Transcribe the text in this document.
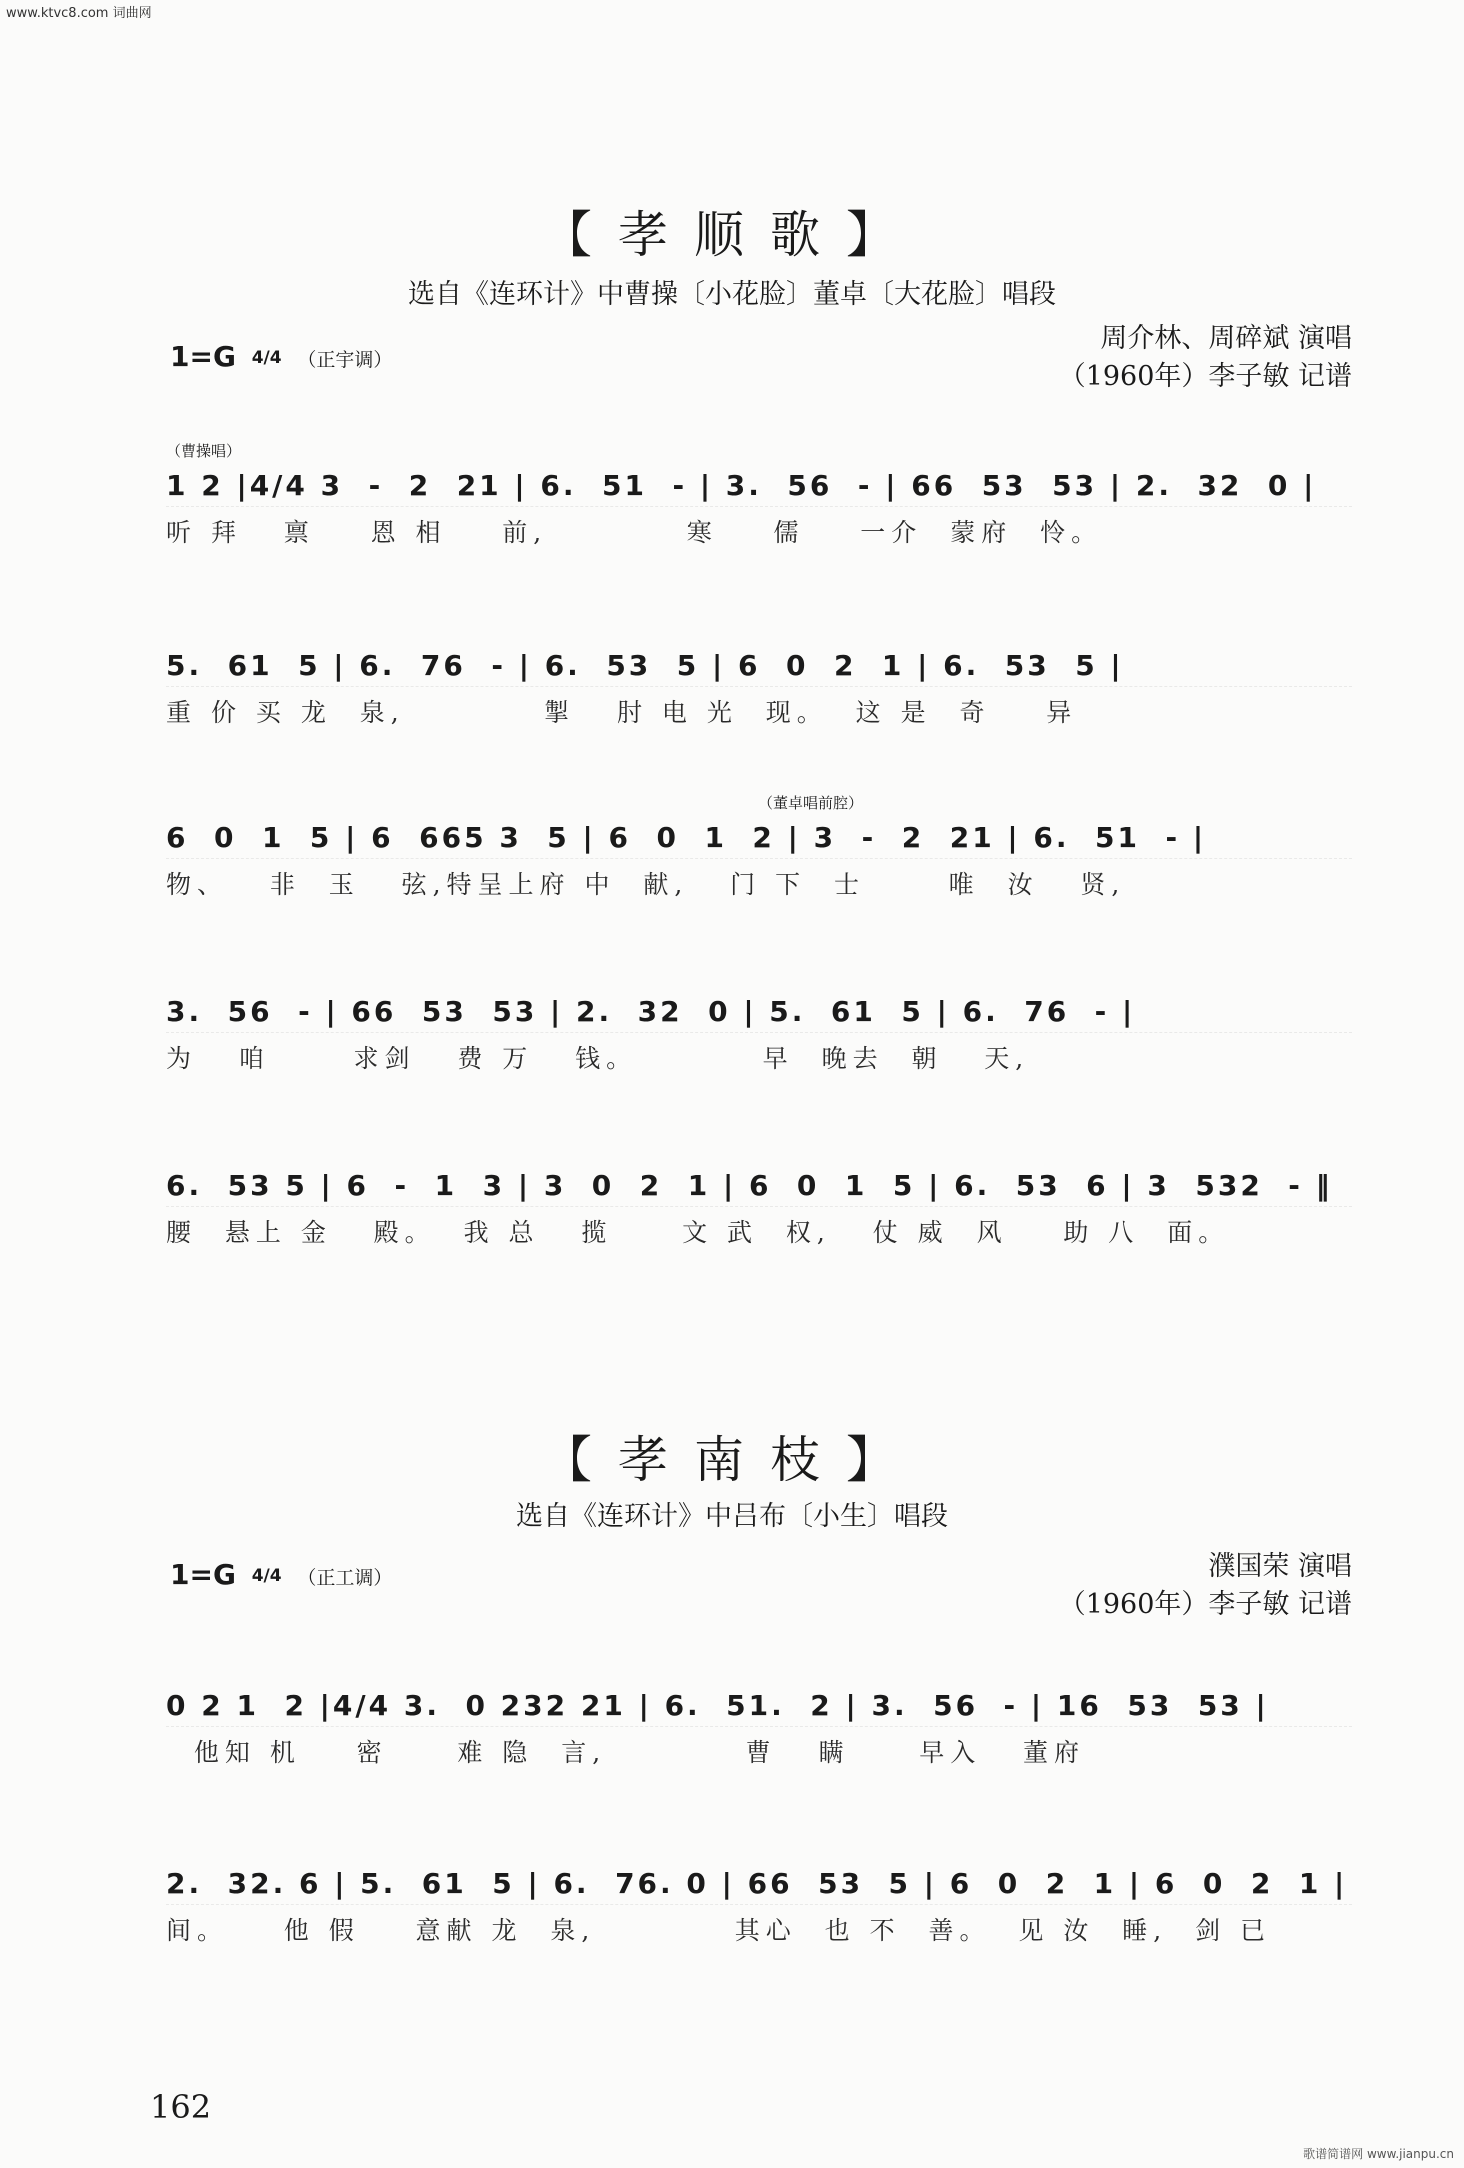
www.ktvc8.com 词曲网
【孝顺歌】
选自《连环计》中曹操〔小花脸〕董卓〔大花脸〕唱段
1=G 4/4 （正宇调）
周介林、周碎斌 演唱
（1960年）李子敏 记谱
（曹操唱）
（董卓唱前腔）
1 2 |4/4 3  -  2  21 | 6.  51  - | 3.  56  - | 66  53  53 | 2.  32  0 |
听 拜   禀    恩 相    前,          寒    儒    一介  蒙府  怜。
5.  61  5 | 6.  76  - | 6.  53  5 | 6  0  2  1 | 6.  53  5 |
重 价 买 龙  泉,          掣   肘 电 光  现。  这 是  奇    异
6  0  1  5 | 6  665 3  5 | 6  0  1  2 | 3  -  2  21 | 6.  51  - |
物、   非  玉   弦,特呈上府 中  献,   门 下  士      唯  汝   贤,
3.  56  - | 66  53  53 | 2.  32  0 | 5.  61  5 | 6.  76  - |
为   咱      求剑   费 万   钱。         早  晚去  朝   天,
6.  53 5 | 6  -  1  3 | 3  0  2  1 | 6  0  1  5 | 6.  53  6 | 3  532  - ‖
腰  悬上 金   殿。  我 总   揽     文 武  权,   仗 威  风    助 八  面。
【孝南枝】
选自《连环计》中吕布〔小生〕唱段
1=G 4/4 （正工调）	濮国荣 演唱
（1960年）李子敏 记谱
0 2 1  2 |4/4 3.  0 232 21 | 6.  51.  2 | 3.  56  - | 16  53  53 |
他知 机    密     难 隐  言,          曹   瞒     早入   董府
2.  32. 6 | 5.  61  5 | 6.  76. 0 | 66  53  5 | 6  0  2  1 | 6  0  2  1 |
间。    他 假    意献 龙  泉,          其心  也 不  善。  见 汝  睡,  剑 已
162
歌谱简谱网 www.jianpu.cn
